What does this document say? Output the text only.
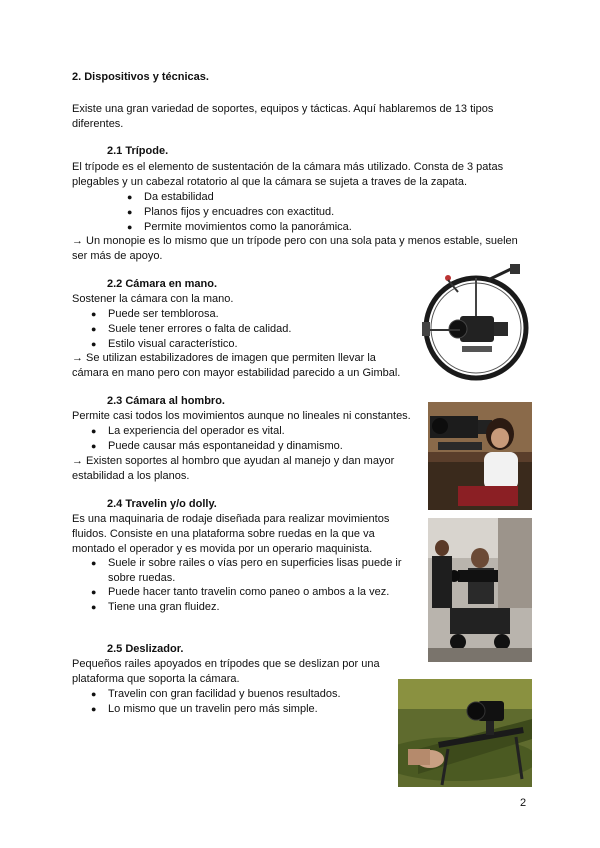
2. Dispositivos y técnicas.
Existe una gran variedad de soportes, equipos y tácticas. Aquí hablaremos de 13 tipos diferentes.
2.1 Trípode.
El trípode es el elemento de sustentación de la cámara más utilizado. Consta de 3 patas plegables y un cabezal rotatorio al que la cámara se sujeta a traves de la zapata.
● Da estabilidad
● Planos fijos y encuadres con exactitud.
● Permite movimientos como la panorámica.
→ Un monopie es lo mismo que un trípode pero con una sola pata y menos estable, suelen ser más de apoyo.
2.2 Cámara en mano.
Sostener la cámara con la mano.
● Puede ser temblorosa.
● Suele tener errores o falta de calidad.
● Estilo visual característico.
→ Se utilizan estabilizadores de imagen que permiten llevar la cámara en mano pero con mayor estabilidad parecido a un Gimbal.
2.3 Cámara al hombro.
Permite casi todos los movimientos aunque no lineales ni constantes.
● La experiencia del operador es vital.
● Puede causar más espontaneidad y dinamismo.
→ Existen soportes al hombro que ayudan al manejo y dan mayor estabilidad a los planos.
2.4 Travelin y/o dolly.
Es una maquinaria de rodaje diseñada para realizar movimientos fluidos. Consiste en una plataforma sobre ruedas en la que va montado el operador y es movida por un operario maquinista.
● Suele ir sobre railes o vías pero en superficies lisas puede ir sobre ruedas.
● Puede hacer tanto travelin como paneo o ambos a la vez.
● Tiene una gran fluidez.
2.5 Deslizador.
Pequeños railes apoyados en trípodes que se deslizan por una plataforma que soporta la cámara.
● Travelin con gran facilidad y buenos resultados.
● Lo mismo que un travelin pero más simple.
2
